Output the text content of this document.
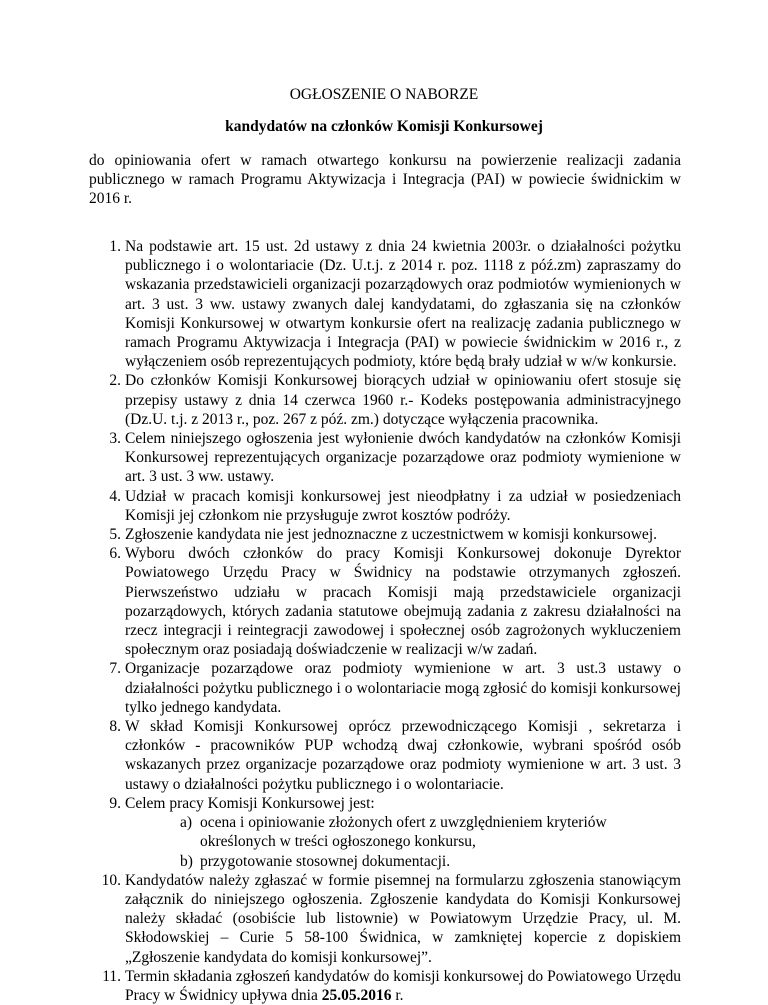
OGŁOSZENIE O NABORZE
kandydatów na członków Komisji Konkursowej

do opiniowania ofert w ramach otwartego konkursu na powierzenie realizacji zadania publicznego w ramach Programu Aktywizacja i Integracja (PAI) w powiecie świdnickim w 2016 r.

1. Na podstawie art. 15 ust. 2d ustawy z dnia 24 kwietnia 2003r. o działalności pożytku publicznego i o wolontariacie (Dz. U.t.j. z 2014 r. poz. 1118 z póź.zm) zapraszamy do wskazania przedstawicieli organizacji pozarządowych oraz podmiotów wymienionych w art. 3 ust. 3 ww. ustawy zwanych dalej kandydatami, do zgłaszania się na członków Komisji Konkursowej w otwartym konkursie ofert na realizację zadania publicznego w ramach Programu Aktywizacja i Integracja (PAI) w powiecie świdnickim w 2016 r., z wyłączeniem osób reprezentujących podmioty, które będą brały udział w w/w konkursie.
2. Do członków Komisji Konkursowej biorących udział w opiniowaniu ofert stosuje się przepisy ustawy z dnia 14 czerwca 1960 r.- Kodeks postępowania administracyjnego (Dz.U. t.j. z 2013 r., poz. 267 z póź. zm.) dotyczące wyłączenia pracownika.
3. Celem niniejszego ogłoszenia jest wyłonienie dwóch kandydatów na członków Komisji Konkursowej reprezentujących organizacje pozarządowe oraz podmioty wymienione w art. 3 ust. 3 ww. ustawy.
4. Udział w pracach komisji konkursowej jest nieodpłatny i za udział w posiedzeniach Komisji jej członkom nie przysługuje zwrot kosztów podróży.
5. Zgłoszenie kandydata nie jest jednoznaczne z uczestnictwem w komisji konkursowej.
6. Wyboru dwóch członków do pracy Komisji Konkursowej dokonuje Dyrektor Powiatowego Urzędu Pracy w Świdnicy na podstawie otrzymanych zgłoszeń. Pierwszeństwo udziału w pracach Komisji mają przedstawiciele organizacji pozarządowych, których zadania statutowe obejmują zadania z zakresu działalności na rzecz integracji i reintegracji zawodowej i społecznej osób zagrożonych wykluczeniem społecznym oraz posiadają doświadczenie w realizacji w/w zadań.
7. Organizacje pozarządowe oraz podmioty wymienione w art. 3 ust.3 ustawy o działalności pożytku publicznego i o wolontariacie mogą zgłosić do komisji konkursowej tylko jednego kandydata.
8. W skład Komisji Konkursowej oprócz przewodniczącego Komisji , sekretarza i członków - pracowników PUP wchodzą dwaj członkowie, wybrani spośród osób wskazanych przez organizacje pozarządowe oraz podmioty wymienione w art. 3 ust. 3 ustawy o działalności pożytku publicznego i o wolontariacie.
9. Celem pracy Komisji Konkursowej jest:
a) ocena i opiniowanie złożonych ofert z uwzględnieniem kryteriów określonych w treści ogłoszonego konkursu,
b) przygotowanie stosownej dokumentacji.
10. Kandydatów należy zgłaszać w formie pisemnej na formularzu zgłoszenia stanowiącym załącznik do niniejszego ogłoszenia. Zgłoszenie kandydata do Komisji Konkursowej należy składać (osobiście lub listownie) w Powiatowym Urzędzie Pracy, ul. M. Skłodowskiej – Curie 5 58-100 Świdnica, w zamkniętej kopercie z dopiskiem „Zgłoszenie kandydata do komisji konkursowej”.
11. Termin składania zgłoszeń kandydatów do komisji konkursowej do Powiatowego Urzędu Pracy w Świdnicy upływa dnia 25.05.2016 r.
